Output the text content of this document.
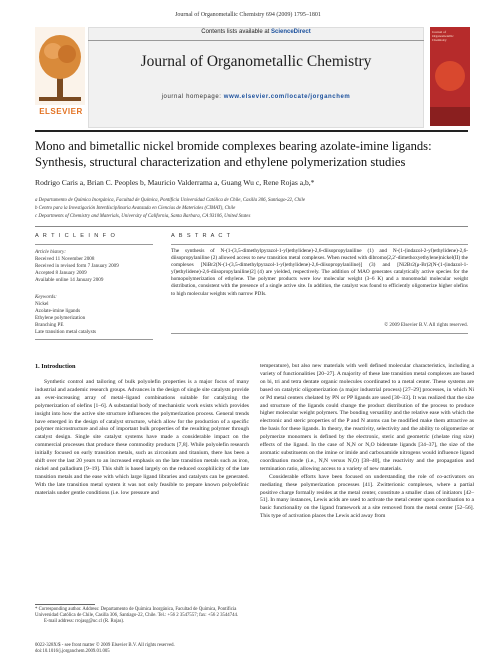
Journal of Organometallic Chemistry 694 (2009) 1795–1801
Contents lists available at ScienceDirect
Journal of Organometallic Chemistry
journal homepage: www.elsevier.com/locate/jorganchem
ELSEVIER
Journal of Organometallic Chemistry
Mono and bimetallic nickel bromide complexes bearing azolate-imine ligands: Synthesis, structural characterization and ethylene polymerization studies
Rodrigo Caris a, Brian C. Peoples b, Mauricio Valderrama a, Guang Wu c, Rene Rojas a,b,*
a Departamento de Química Inorgánica, Facultad de Química, Pontificia Universidad Católica de Chile, Casilla 306, Santiago-22, Chile
b Centro para la Investigación Interdisciplinaria Avanzada en Ciencias de Materiales (CIMAT), Chile
c Departments of Chemistry and Materials, University of California, Santa Barbara, CA 93106, United States
A R T I C L E I N F O	A B S T R A C T
Article history:
Received 11 November 2008
Received in revised form 7 January 2009
Accepted 8 January 2009
Available online 14 January 2009
Keywords:
Nickel
Azolate-imine ligands
Ethylene polymerization
Branching PE
Late transition metal catalysts
The synthesis of N-(1-(3,5-dimethylpyrazol-1-yl)ethylidene)-2,6-diisopropylaniline (1) and N-(1-(indazol-2-yl)ethylidene)-2,6-diisopropylaniline (2) allowed access to new transition metal complexes. When reacted with dibromo(2,2′-dimethoxyethylene)nickel(II) the complexes [NiBr2(N-(1-(3,5-dimethylpyrazol-1-yl)ethylidene)-2,6-diisopropylaniline)] (3) and [Ni2Br2(μ-Br)2(N-(1-(indazol-1-yl)ethylidene)-2,6-diisopropylaniline)2] (4) are yielded, respectively. The addition of MAO generates catalytically active species for the homopolymerization of ethylene. The polymer products were low molecular weight (3–6 K) and a monomodal molecular weight distribution, consistent with the presence of a single active site. In addition, the catalyst was found to efficiently oligomerize higher olefins to high molecular weights with narrow PDIs.
© 2009 Elsevier B.V. All rights reserved.
1. Introduction

Synthetic control and tailoring of bulk polyolefin properties is a major focus of many industrial and academic research groups. Advances in the design of single site catalysts provide an ever-increasing array of metal–ligand combinations suitable for catalyzing the polymerization of olefins [1–6]. A substantial body of mechanistic work exists which provides insight into how the active site structure influences the polymerization process. General trends have emerged in the design of catalyst structure, which allow for the production of a specific polymer microstructure and also of important bulk properties of the resulting polymer through catalyst design. Single site catalyst systems have made a considerable impact on the commercial processes that produce these commodity products [7,8]. While polyolefin research initially focused on early transition metals, such as zirconium and titanium, there has been a shift over the last 20 years to an increased emphasis on the late transition metals such as iron, nickel and palladium [9–19]. This shift is based largely on the reduced oxophilicity of the late transition metals and the ease with which large ligand libraries and catalysts can be generated. With the late transition metal system it was not only feasible to prepare known polyolefinic materials under gentle conditions (i.e. low pressure and

temperature), but also new materials with well defined molecular characteristics, including a variety of functionalities [20–27]. A majority of these late transition metal complexes are based on bi, tri and tetra dentate organic molecules coordinated to a metal center. These systems are based on catalytic oligomerization (a major industrial process) [27–29] processes, in which Ni or Pd metal centers chelated by PN or PP ligands are used [30–33]. It was realized that the size and structure of the ligands could change the product distribution of the process to produce higher molecular weight polymers. The bonding versatility and the relative ease with which the electronic and steric properties of the P and N atoms can be modified make them attractive as the basis for these ligands. In theory, the reactivity, selectivity and the ability to oligomerize or polymerize monomers is defined by the electronic, steric and geometric (chelate ring size) effects of the ligand. In the case of N,N or N,O bidentate ligands [34–37], the size of the aromatic substituents on the imine or imide and carboxamide nitrogens would influence ligand coordination mode (i.e., N,N versus N,O) [38–40], the reactivity and the propagation and termination ratio, allowing access to a variety of new materials.

Considerable efforts have been focused on understanding the role of co-activators on mediating these polymerization processes [41]. Zwitterionic complexes, where a partial positive charge formally resides at the metal center, constitute a smaller class of initiators [42–51]. In many instances, Lewis acids are used to activate the metal center upon coordination to a basic functionality on the ligand framework at a site removed from the metal center [52–56]. This type of activation places the Lewis acid away from

* Corresponding author. Address: Departamento de Química Inorgánica, Facultad de Química, Pontificia Universidad Católica de Chile, Casilla 306, Santiago-22, Chile. Tel.: +56 2 3547557; fax: +56 2 3544744.
E-mail address: rrojasg@uc.cl (R. Rojas).
0022-328X/$ - see front matter © 2009 Elsevier B.V. All rights reserved.
doi:10.1016/j.jorganchem.2009.01.005
